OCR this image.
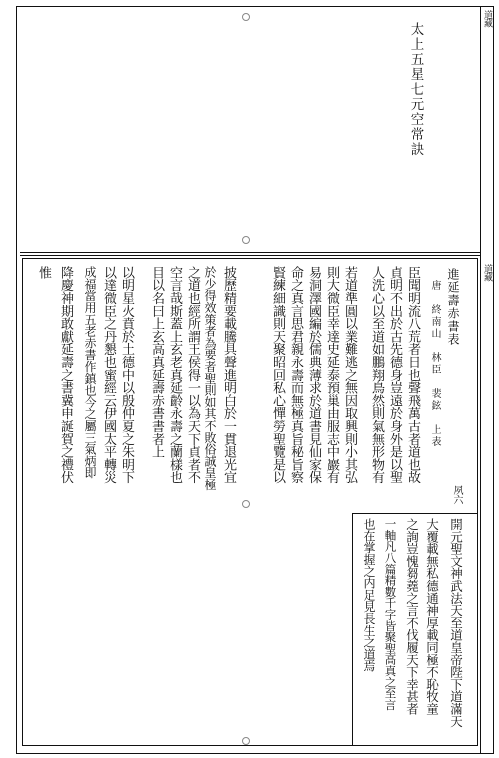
道藏
道藏
太上五星七元空常訣
進延壽赤書表
唐　終南山　林臣　裴鉉　上表
臣聞明流八荒者日也聲飛萬古者道也故
貞明不出於古先德身豈遠於身外是以聖
人洗心以至道如鵬翔鳥然則氣無形物有
若道準圓以業難逃之無因取興則小其弘
則大微臣幸達史延泰預巢由服志中巖有
易洞澤國編於儒典薄求於道書見仙家保
命之真言思君親永壽而無極真旨秘旨察
賢練細識則天聚昭回私心憚勞聖覽是以
披歷精要載騰具聲進明白於一貫退光宜
於少得效策者為要者聖則如其不敗俗誠皇極
之道也經所謂王侯得一以為天下貞者不
空言哉斯蓋上玄老真延齡永壽之蘭樣也
目以名曰上玄高真延壽赤書書者上
以明星火賁於土德中以殷仲夏之朱明下
以達微臣之丹懇也蜜經云伊國太平轉災
成福當用五老赤書作鎮也今之屬三氣炳即
降慶神期敢獻延壽之書冀申誕賀之禮伏
惟
夙六
開元聖文神武法天至道皇帝陛下道滿天
大覆載無私德通神厚載同極不恥牧童
之詢豈愧芻蕘之言不伐履天下幸甚者
一軸凡八篇精數千字皆聚聖高真之至言
也在掌握之内足見長生之道焉
